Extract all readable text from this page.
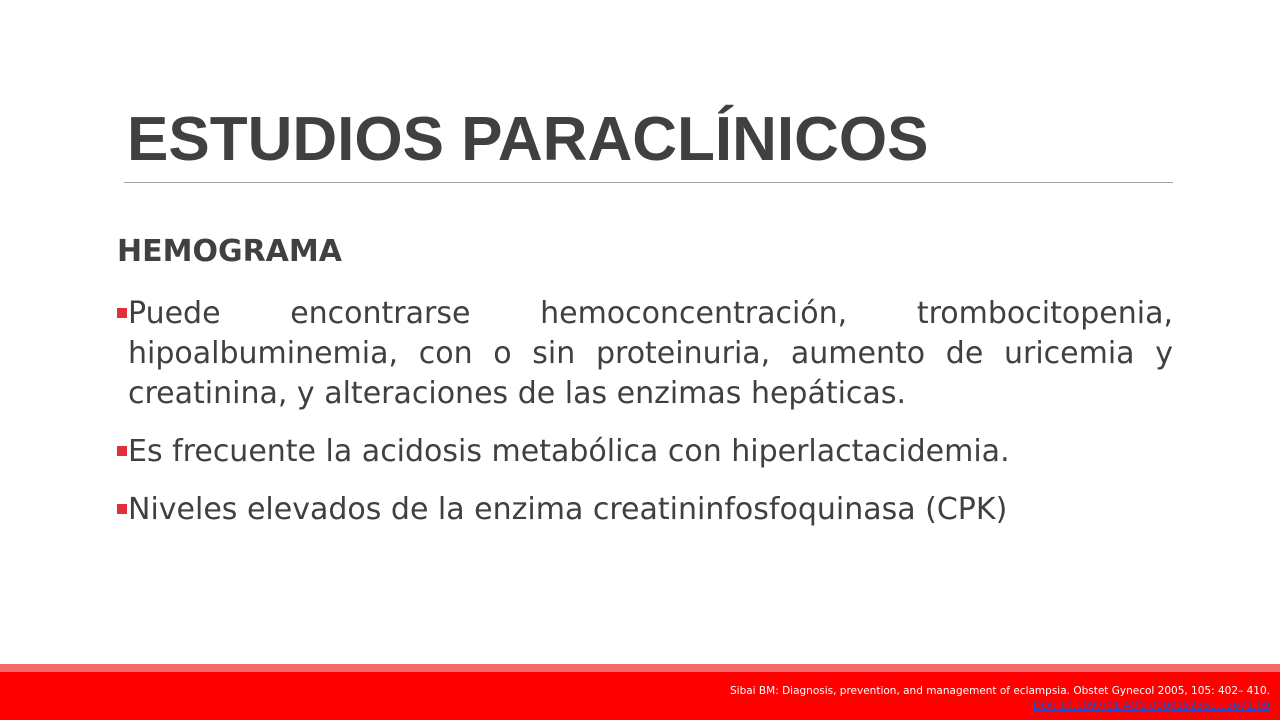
ESTUDIOS PARACLÍNICOS
HEMOGRAMA
Puede encontrarse hemoconcentración, trombocitopenia, hipoalbuminemia, con o sin proteinuria, aumento de uricemia y creatinina, y alteraciones de las enzimas hepáticas.
Es frecuente la acidosis metabólica con hiperlactacidemia.
Niveles elevados de la enzima creatininfosfoquinasa (CPK)
Sibai BM: Diagnosis, prevention, and management of eclampsia. Obstet Gynecol 2005, 105: 402– 410.
DOI: 10.1097/01.AOG.0000152351.13671.99
